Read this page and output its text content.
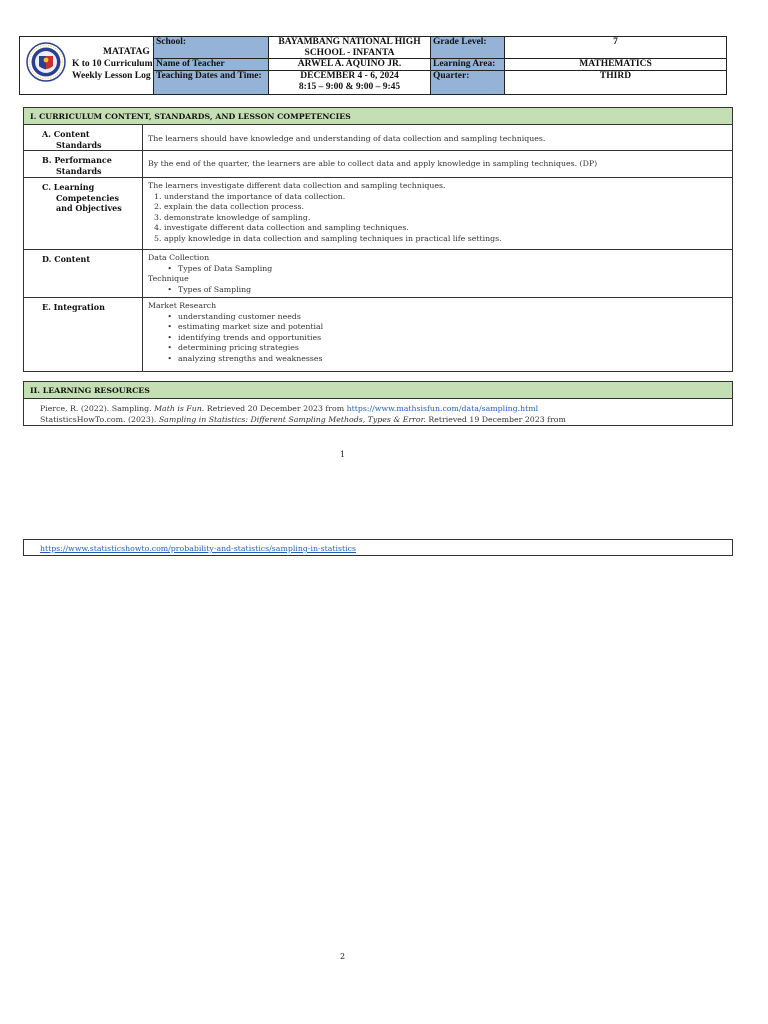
MATATAG
K to 10 Curriculum
Weekly Lesson Log
School:
Name of Teacher
Teaching Dates and Time:
BAYAMBANG NATIONAL HIGH
SCHOOL - INFANTA
ARWEL A. AQUINO JR.
DECEMBER 4 - 6, 2024
8:15 – 9:00 & 9:00 – 9:45
Grade Level:
Learning Area:
Quarter:
7
MATHEMATICS
THIRD
I. CURRICULUM CONTENT, STANDARDS, AND LESSON COMPETENCIES
A. Content
Standards
The learners should have knowledge and understanding of data collection and sampling techniques.
B. Performance
Standards
By the end of the quarter, the learners are able to collect data and apply knowledge in sampling techniques. (DP)
C. Learning
Competencies
and Objectives
The learners investigate different data collection and sampling techniques.
1. understand the importance of data collection.
2. explain the data collection process.
3. demonstrate knowledge of sampling.
4. investigate different data collection and sampling techniques.
5. apply knowledge in data collection and sampling techniques in practical life settings.
D. Content	Data Collection
• Types of Data Sampling
Technique
• Types of Sampling
E. Integration	Market Research
• understanding customer needs
• estimating market size and potential
• identifying trends and opportunities
• determining pricing strategies
• analyzing strengths and weaknesses
II. LEARNING RESOURCES
Pierce, R. (2022). Sampling. Math is Fun. Retrieved 20 December 2023 from https://www.mathsisfun.com/data/sampling.html
StatisticsHowTo.com. (2023). Sampling in Statistics: Different Sampling Methods, Types & Error. Retrieved 19 December 2023 from
1
https://www.statisticshowto.com/probability-and-statistics/sampling-in-statistics
2
